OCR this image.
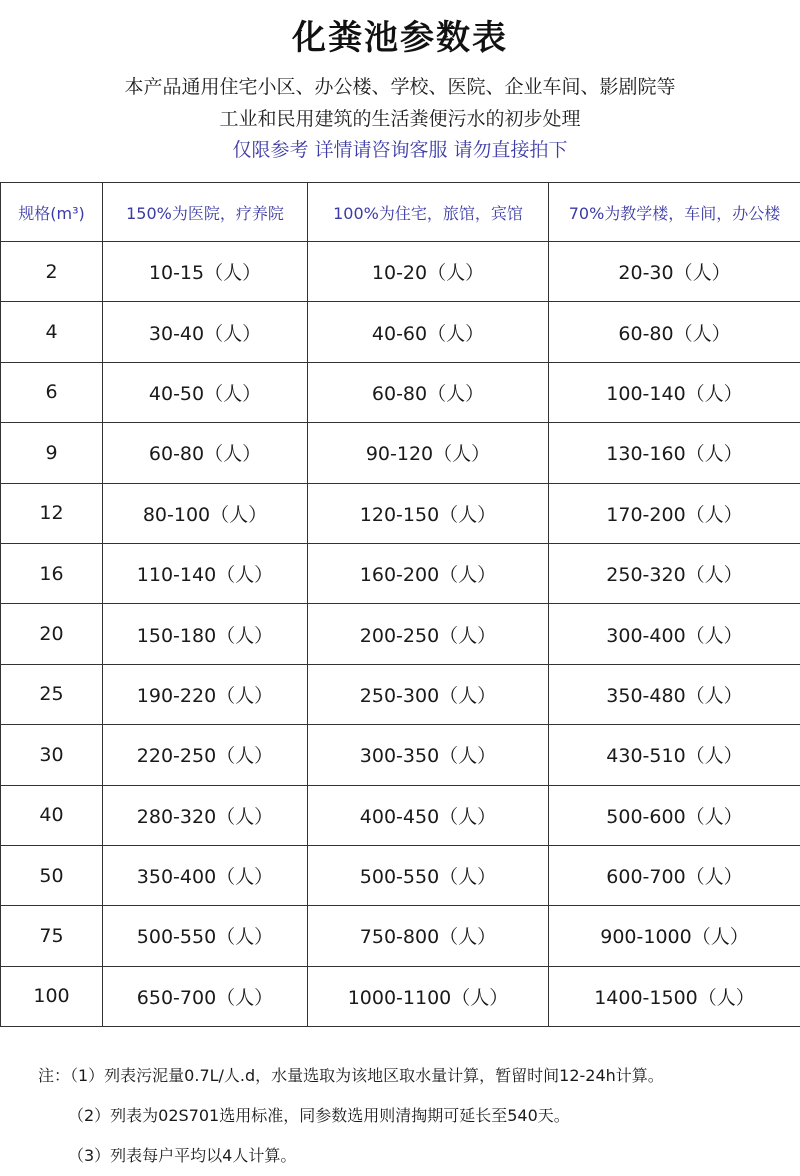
化粪池参数表
本产品通用住宅小区、办公楼、学校、医院、企业车间、影剧院等
工业和民用建筑的生活粪便污水的初步处理
仅限参考 详情请咨询客服 请勿直接拍下
规格(m³)	150%为医院，疗养院	100%为住宅，旅馆，宾馆	70%为教学楼，车间，办公楼
2	10-15（人）	10-20（人）	20-30（人）
4	30-40（人）	40-60（人）	60-80（人）
6	40-50（人）	60-80（人）	100-140（人）
9	60-80（人）	90-120（人）	130-160（人）
12	80-100（人）	120-150（人）	170-200（人）
16	110-140（人）	160-200（人）	250-320（人）
20	150-180（人）	200-250（人）	300-400（人）
25	190-220（人）	250-300（人）	350-480（人）
30	220-250（人）	300-350（人）	430-510（人）
40	280-320（人）	400-450（人）	500-600（人）
50	350-400（人）	500-550（人）	600-700（人）
75	500-550（人）	750-800（人）	900-1000（人）
100	650-700（人）	1000-1100（人）	1400-1500（人）
注：（1）列表污泥量0.7L/人.d，水量选取为该地区取水量计算，暂留时间12-24h计算。
（2）列表为02S701选用标准，同参数选用则清掏期可延长至540天。
（3）列表每户平均以4人计算。
